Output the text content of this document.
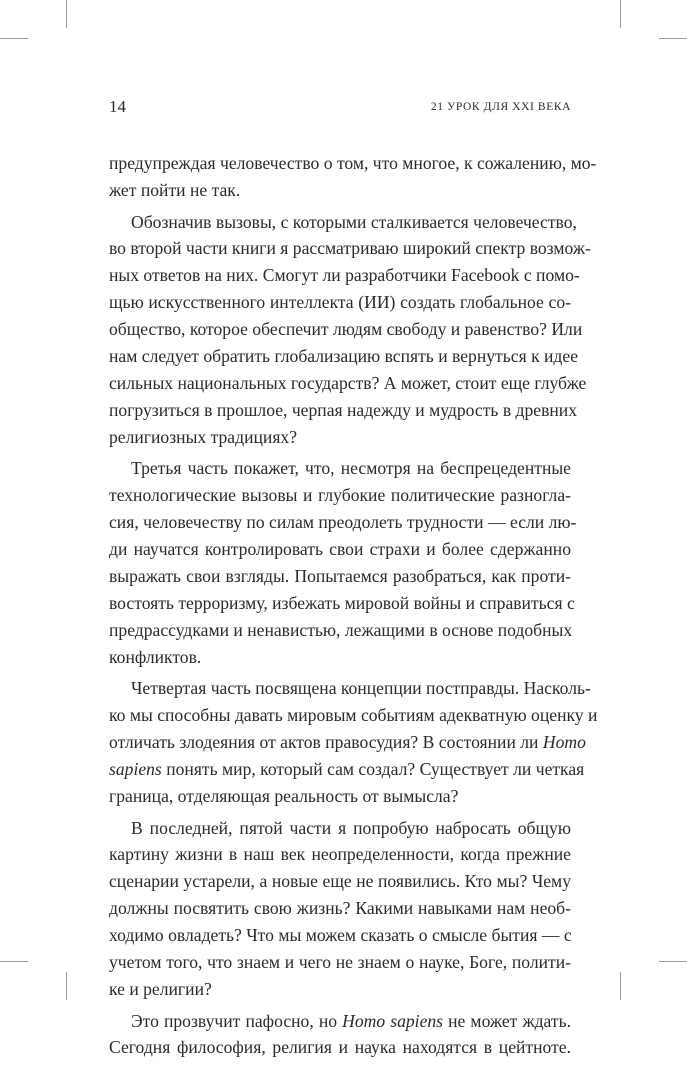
14	21 УРОК ДЛЯ XXI ВЕКА
предупреждая человечество о том, что многое, к сожалению, мо-
жет пойти не так.
Обозначив вызовы, с которыми сталкивается человечество,
во второй части книги я рассматриваю широкий спектр возмож-
ных ответов на них. Смогут ли разработчики Facebook с помо-
щью искусственного интеллекта (ИИ) создать глобальное со-
общество, которое обеспечит людям свободу и равенство? Или
нам следует обратить глобализацию вспять и вернуться к идее
сильных национальных государств? А может, стоит еще глубже
погрузиться в прошлое, черпая надежду и мудрость в древних
религиозных традициях?
Третья часть покажет, что, несмотря на беспрецедентные
технологические вызовы и глубокие политические разногла-
сия, человечеству по силам преодолеть трудности — если лю-
ди научатся контролировать свои страхи и более сдержанно
выражать свои взгляды. Попытаемся разобраться, как проти-
востоять терроризму, избежать мировой войны и справиться с
предрассудками и ненавистью, лежащими в основе подобных
конфликтов.
Четвертая часть посвящена концепции постправды. Насколь-
ко мы способны давать мировым событиям адекватную оценку и
отличать злодеяния от актов правосудия? В состоянии ли Homo
sapiens понять мир, который сам создал? Существует ли четкая
граница, отделяющая реальность от вымысла?
В последней, пятой части я попробую набросать общую
картину жизни в наш век неопределенности, когда прежние
сценарии устарели, а новые еще не появились. Кто мы? Чему
должны посвятить свою жизнь? Какими навыками нам необ-
ходимо овладеть? Что мы можем сказать о смысле бытия — с
учетом того, что знаем и чего не знаем о науке, Боге, полити-
ке и религии?
Это прозвучит пафосно, но Homo sapiens не может ждать.
Сегодня философия, религия и наука находятся в цейтноте.
